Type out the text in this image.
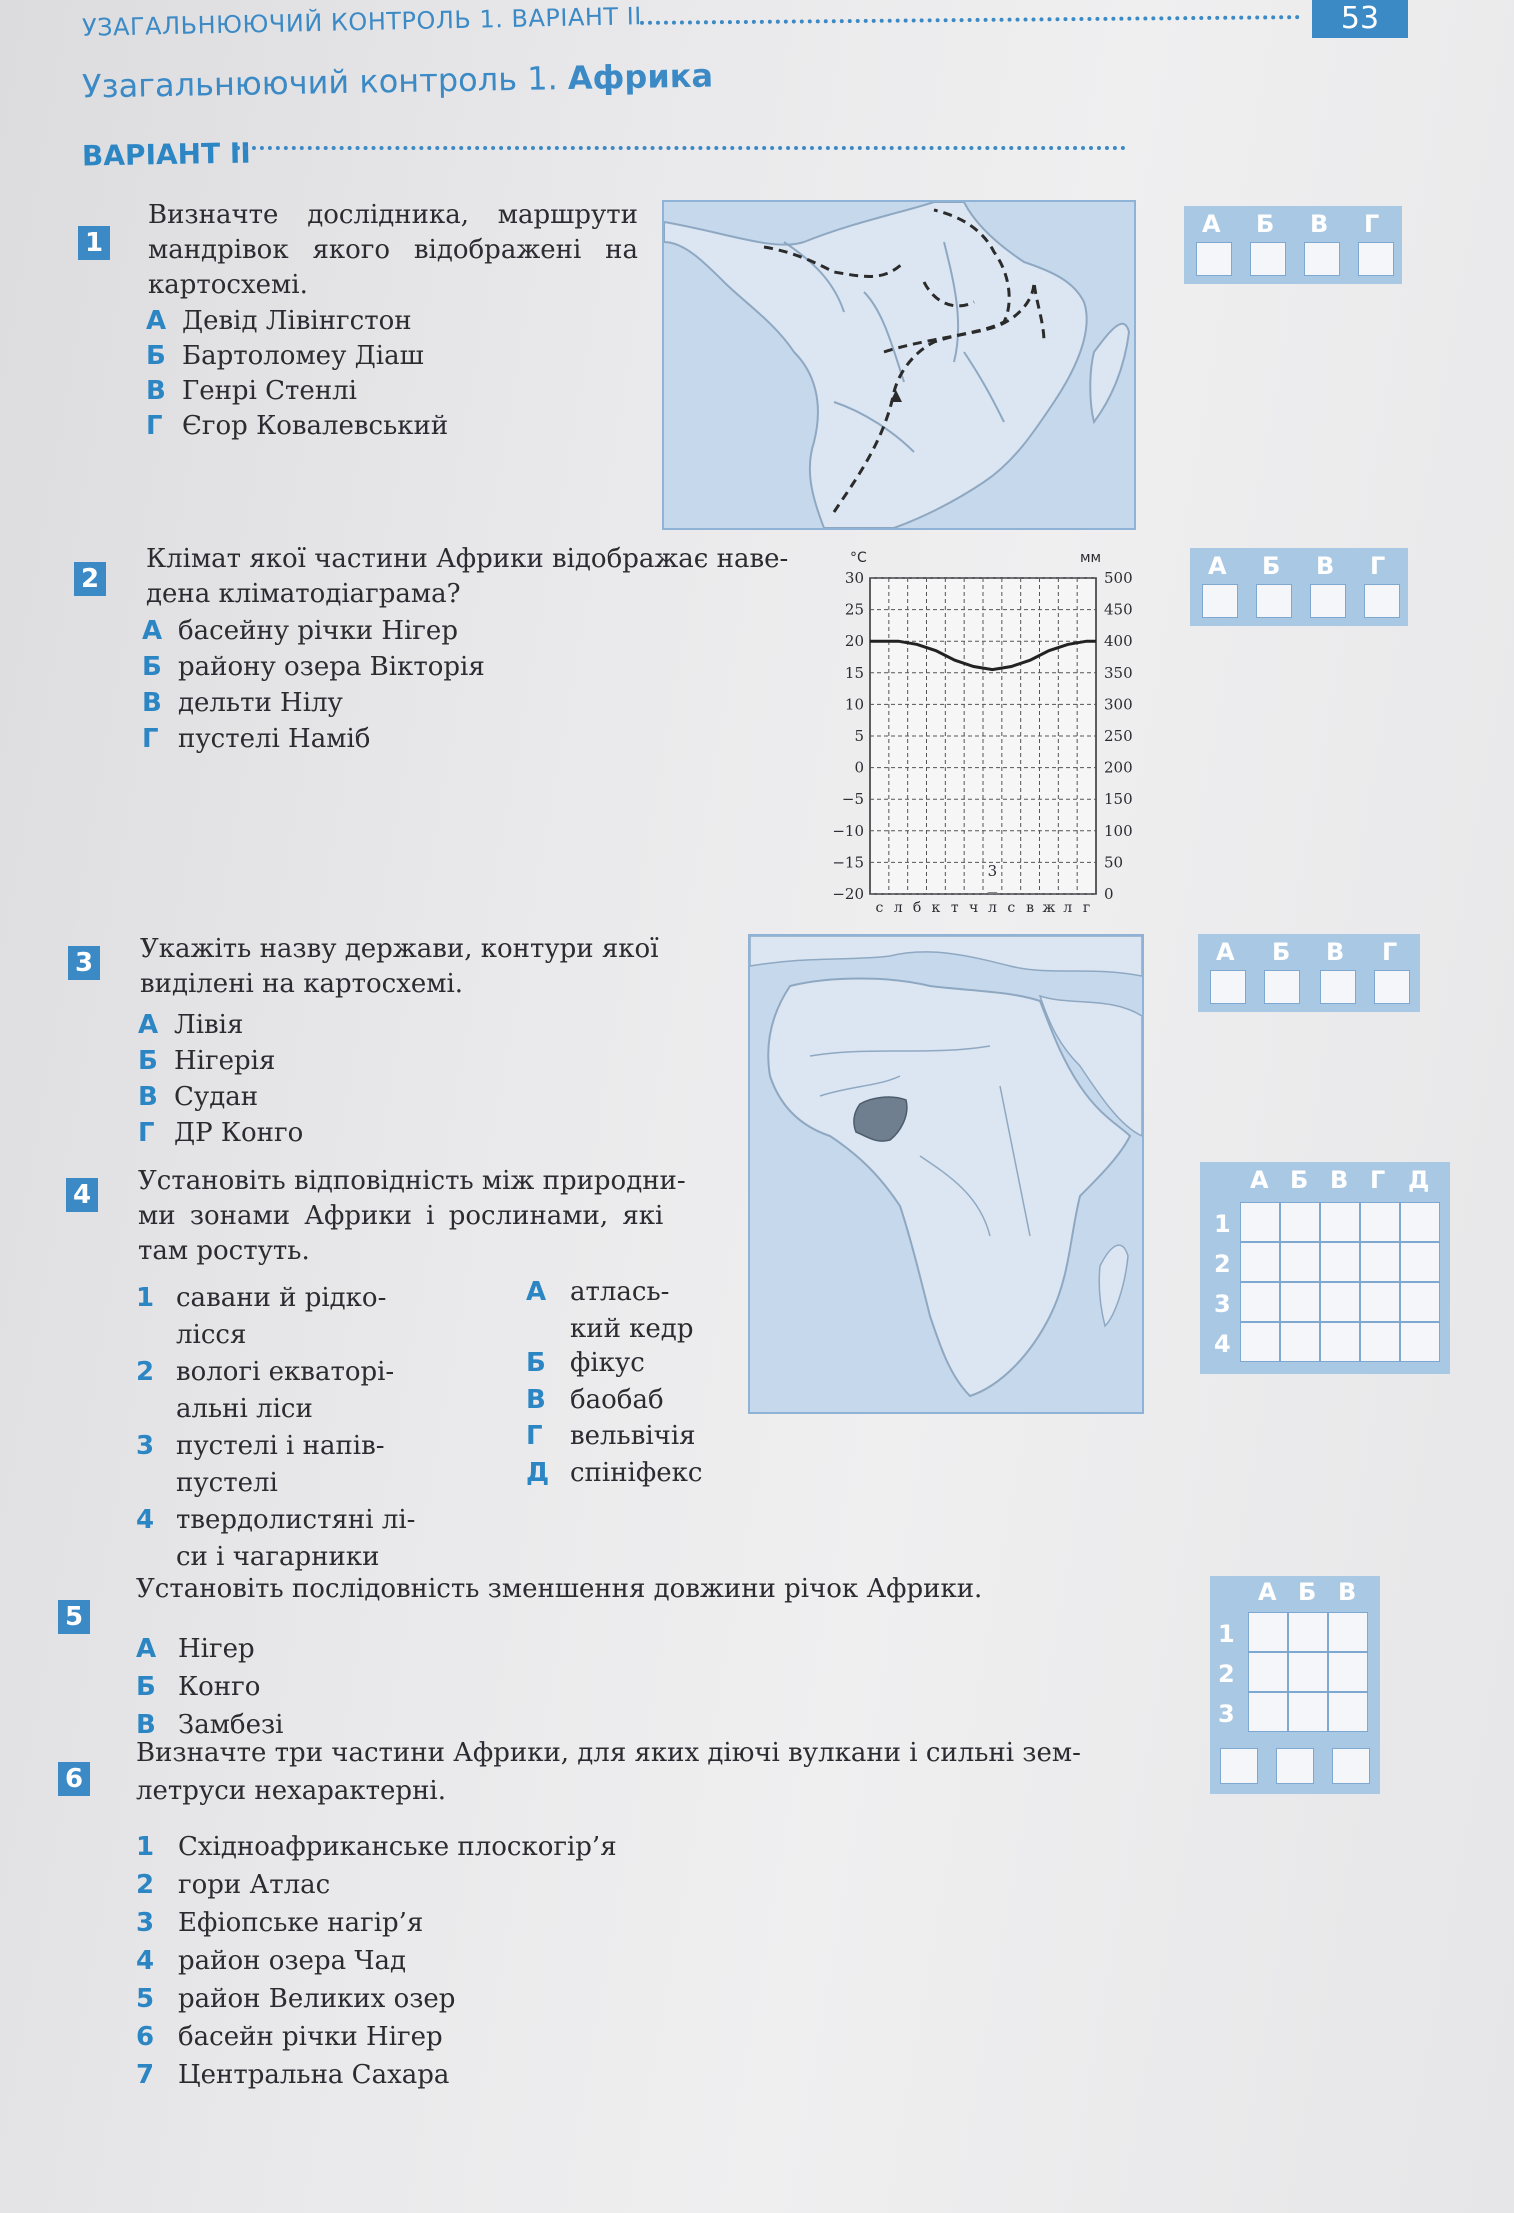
УЗАГАЛЬНЮЮЧИЙ КОНТРОЛЬ 1. ВАРІАНТ ІІ	53
Узагальнюючий контроль 1. Африка
ВАРІАНТ ІІ
1
Визначте дослідника, маршрути
мандрівок якого відображені на
картосхемі.
А Девід Лівінгстон
Б Бартоломеу Діаш
В Генрі Стенлі
Г Єгор Ковалевський
А Б В Г
2
Клімат якої частини Африки відображає наве-
дена кліматодіаграма?
А басейну річки Нігер
Б району озера Вікторія
В дельти Нілу
Г пустелі Наміб
°C	мм
30	500
25	450
20	400
15	350
10	300
5	250
0	200
−5	150
−10	100
−15	50
−20	0
с л б к т ч л с в ж л г
3
А Б В Г
3 Укажіть назву держави, контури якої
виділені на картосхемі.
А Лівія
Б Нігерія
В Судан
Г ДР Конго
А Б В Г
4 Установіть відповідність між природни-
ми зонами Африки і рослинами, які
там ростуть.
1 савани й рідко-
лісся
2 вологі екваторі-
альні ліси
3 пустелі і напів-
пустелі
4 твердолистяні лі-
си і чагарники
А атлась-
кий кедр
Б фікус
В баобаб
Г вельвічія
Д спініфекс
А Б В Г Д
1
2
3
4
5
Установіть послідовність зменшення довжини річок Африки.
А Нігер
Б Конго
В Замбезі
А Б В
1
2
3
6
Визначте три частини Африки, для яких діючі вулкани і сильні зем-
летруси нехарактерні.
1 Східноафриканське плоскогір’я
2 гори Атлас
3 Ефіопське нагір’я
4 район озера Чад
5 район Великих озер
6 басейн річки Нігер
7 Центральна Сахара
